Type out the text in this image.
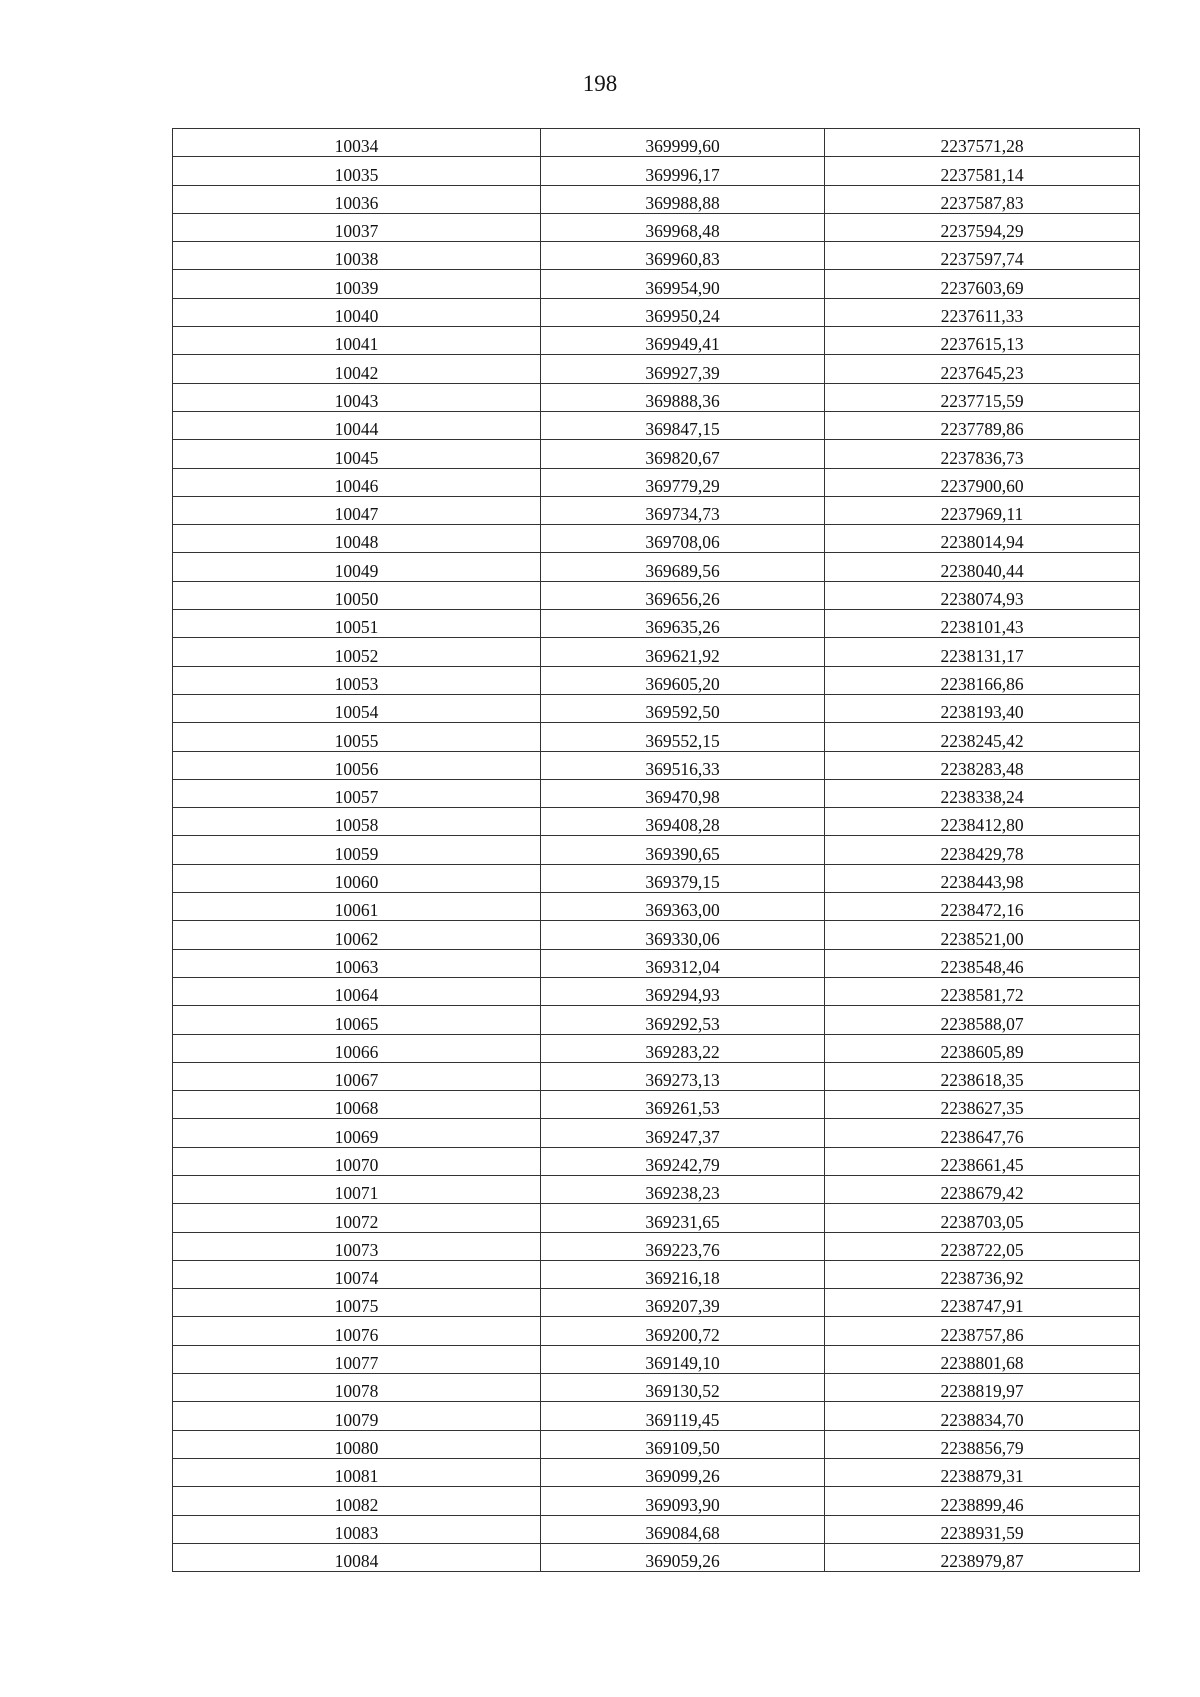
198
10034	369999,60	2237571,28
10035	369996,17	2237581,14
10036	369988,88	2237587,83
10037	369968,48	2237594,29
10038	369960,83	2237597,74
10039	369954,90	2237603,69
10040	369950,24	2237611,33
10041	369949,41	2237615,13
10042	369927,39	2237645,23
10043	369888,36	2237715,59
10044	369847,15	2237789,86
10045	369820,67	2237836,73
10046	369779,29	2237900,60
10047	369734,73	2237969,11
10048	369708,06	2238014,94
10049	369689,56	2238040,44
10050	369656,26	2238074,93
10051	369635,26	2238101,43
10052	369621,92	2238131,17
10053	369605,20	2238166,86
10054	369592,50	2238193,40
10055	369552,15	2238245,42
10056	369516,33	2238283,48
10057	369470,98	2238338,24
10058	369408,28	2238412,80
10059	369390,65	2238429,78
10060	369379,15	2238443,98
10061	369363,00	2238472,16
10062	369330,06	2238521,00
10063	369312,04	2238548,46
10064	369294,93	2238581,72
10065	369292,53	2238588,07
10066	369283,22	2238605,89
10067	369273,13	2238618,35
10068	369261,53	2238627,35
10069	369247,37	2238647,76
10070	369242,79	2238661,45
10071	369238,23	2238679,42
10072	369231,65	2238703,05
10073	369223,76	2238722,05
10074	369216,18	2238736,92
10075	369207,39	2238747,91
10076	369200,72	2238757,86
10077	369149,10	2238801,68
10078	369130,52	2238819,97
10079	369119,45	2238834,70
10080	369109,50	2238856,79
10081	369099,26	2238879,31
10082	369093,90	2238899,46
10083	369084,68	2238931,59
10084	369059,26	2238979,87
